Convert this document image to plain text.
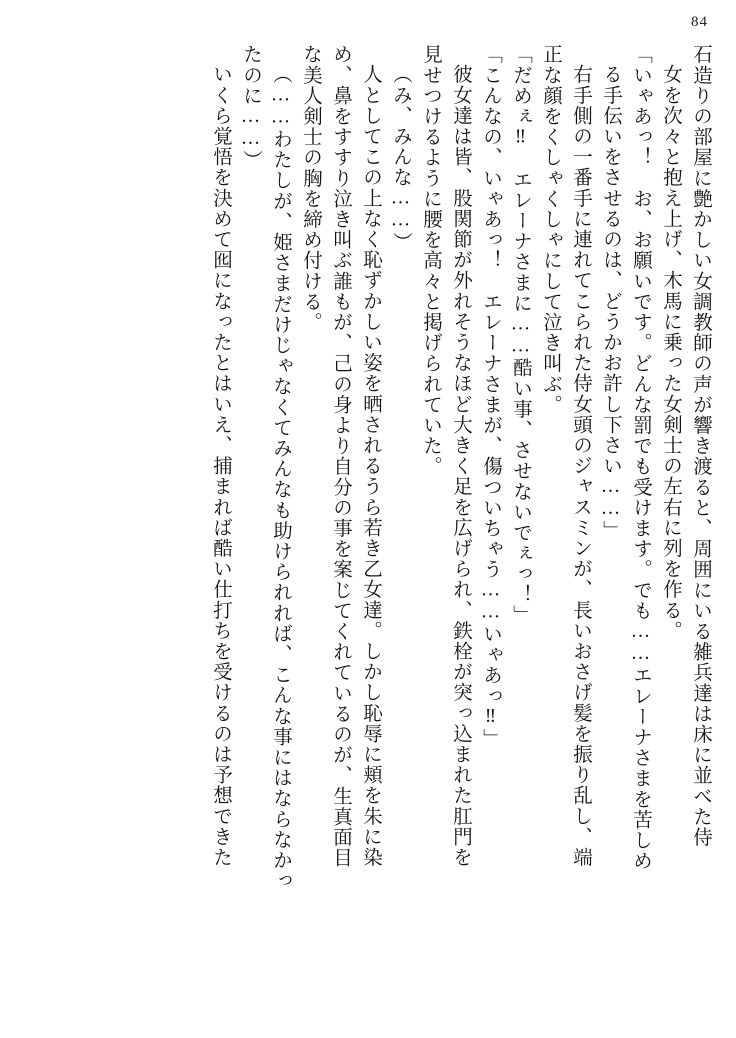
84
石造りの部屋に艶かしい女調教師の声が響き渡ると、周囲にいる雑兵達は床に並べた侍
女を次々と抱え上げ、木馬に乗った女剣士の左右に列を作る。
「いゃあっ！　お、お願いです。どんな罰でも受けます。でも……エレーナさまを苦しめ
る手伝いをさせるのは、どうかお許し下さい……」
右手側の一番手に連れてこられた侍女頭のジャスミンが、長いおさげ髪を振り乱し、端
正な顔をくしゃくしゃにして泣き叫ぶ。
「だめぇ‼　エレーナさまに……酷い事、させないでぇっ！」
「こんなの、いゃあっ！　エレーナさまが、傷ついちゃう……いゃあっ‼」
彼女達は皆、股関節が外れそうなほど大きく足を広げられ、鉄栓が突っ込まれた肛門を
見せつけるように腰を高々と掲げられていた。
（み、みんな……）
人としてこの上なく恥ずかしい姿を晒されるうら若き乙女達。しかし恥辱に頬を朱に染
め、鼻をすすり泣き叫ぶ誰もが、己の身より自分の事を案じてくれているのが、生真面目
な美人剣士の胸を締め付ける。
（……わたしが、姫さまだけじゃなくてみんなも助けられれば、こんな事にはならなかっ
たのに……）
いくら覚悟を決めて囮になったとはいえ、捕まれば酷い仕打ちを受けるのは予想できた
